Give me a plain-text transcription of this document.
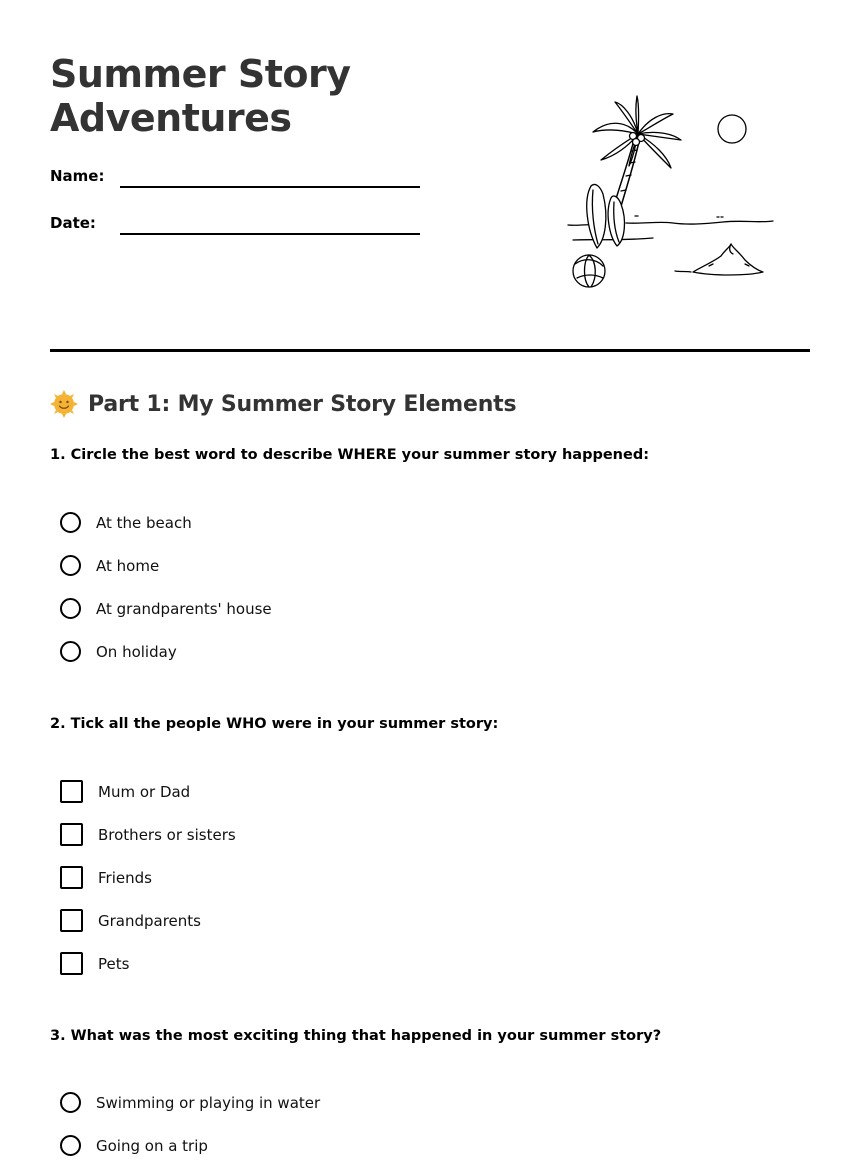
Summer Story
Adventures
Name:
Date:
Part 1: My Summer Story Elements
1. Circle the best word to describe WHERE your summer story happened:
At the beach
At home
At grandparents' house
On holiday
2. Tick all the people WHO were in your summer story:
Mum or Dad
Brothers or sisters
Friends
Grandparents
Pets
3. What was the most exciting thing that happened in your summer story?
Swimming or playing in water
Going on a trip
